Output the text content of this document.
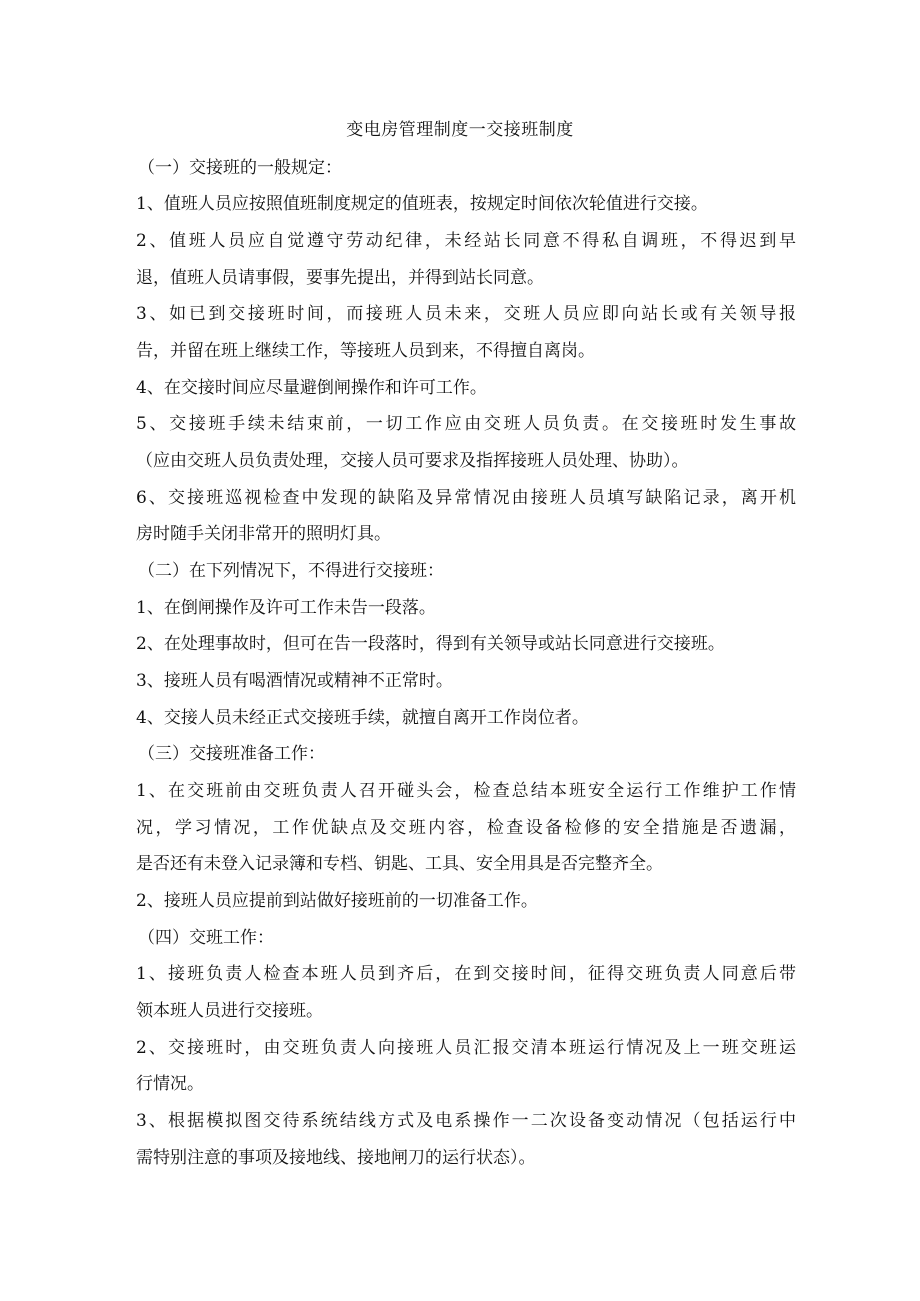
变电房管理制度一交接班制度
（一）交接班的一般规定：
1、值班人员应按照值班制度规定的值班表，按规定时间依次轮值进行交接。
2、值班人员应自觉遵守劳动纪律，未经站长同意不得私自调班，不得迟到早
退，值班人员请事假，要事先提出，并得到站长同意。
3、如已到交接班时间，而接班人员未来，交班人员应即向站长或有关领导报
告，并留在班上继续工作，等接班人员到来，不得擅自离岗。
4、在交接时间应尽量避倒闸操作和许可工作。
5、交接班手续未结束前，一切工作应由交班人员负责。在交接班时发生事故
（应由交班人员负责处理，交接人员可要求及指挥接班人员处理、协助）。
6、交接班巡视检查中发现的缺陷及异常情况由接班人员填写缺陷记录，离开机
房时随手关闭非常开的照明灯具。
（二）在下列情况下，不得进行交接班：
1、在倒闸操作及许可工作未告一段落。
2、在处理事故时，但可在告一段落时，得到有关领导或站长同意进行交接班。
3、接班人员有喝酒情况或精神不正常时。
4、交接人员未经正式交接班手续，就擅自离开工作岗位者。
（三）交接班准备工作：
1、在交班前由交班负责人召开碰头会，检查总结本班安全运行工作维护工作情
况，学习情况，工作优缺点及交班内容，检查设备检修的安全措施是否遗漏，
是否还有未登入记录簿和专档、钥匙、工具、安全用具是否完整齐全。
2、接班人员应提前到站做好接班前的一切准备工作。
（四）交班工作：
1、接班负责人检查本班人员到齐后，在到交接时间，征得交班负责人同意后带
领本班人员进行交接班。
2、交接班时，由交班负责人向接班人员汇报交清本班运行情况及上一班交班运
行情况。
3、根据模拟图交待系统结线方式及电系操作一二次设备变动情况（包括运行中
需特别注意的事项及接地线、接地闸刀的运行状态）。
